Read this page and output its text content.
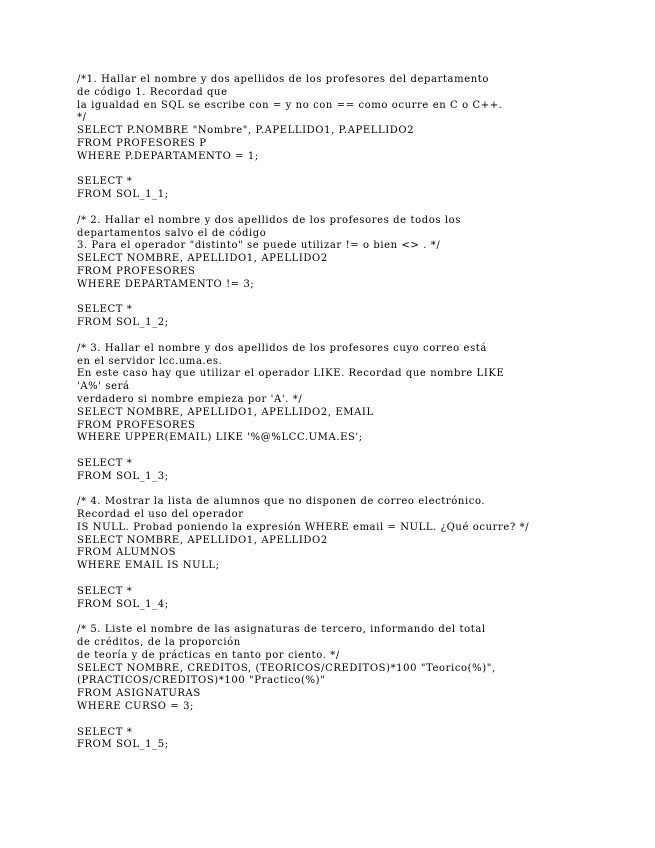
/*1. Hallar el nombre y dos apellidos de los profesores del departamento
de código 1. Recordad que
la igualdad en SQL se escribe con = y no con == como ocurre en C o C++.
*/
SELECT P.NOMBRE "Nombre", P.APELLIDO1, P.APELLIDO2
FROM PROFESORES P
WHERE P.DEPARTAMENTO = 1;
SELECT *
FROM SOL_1_1;
/* 2. Hallar el nombre y dos apellidos de los profesores de todos los
departamentos salvo el de código
3. Para el operador "distinto" se puede utilizar != o bien <> . */
SELECT NOMBRE, APELLIDO1, APELLIDO2
FROM PROFESORES
WHERE DEPARTAMENTO != 3;
SELECT *
FROM SOL_1_2;
/* 3. Hallar el nombre y dos apellidos de los profesores cuyo correo está
en el servidor lcc.uma.es.
En este caso hay que utilizar el operador LIKE. Recordad que nombre LIKE
'A%' será
verdadero si nombre empieza por 'A'. */
SELECT NOMBRE, APELLIDO1, APELLIDO2, EMAIL
FROM PROFESORES
WHERE UPPER(EMAIL) LIKE '%@%LCC.UMA.ES';
SELECT *
FROM SOL_1_3;
/* 4. Mostrar la lista de alumnos que no disponen de correo electrónico.
Recordad el uso del operador
IS NULL. Probad poniendo la expresión WHERE email = NULL. ¿Qué ocurre? */
SELECT NOMBRE, APELLIDO1, APELLIDO2
FROM ALUMNOS
WHERE EMAIL IS NULL;
SELECT *
FROM SOL_1_4;
/* 5. Liste el nombre de las asignaturas de tercero, informando del total
de créditos, de la proporción
de teoría y de prácticas en tanto por ciento. */
SELECT NOMBRE, CREDITOS, (TEORICOS/CREDITOS)*100 "Teorico(%)",
(PRACTICOS/CREDITOS)*100 "Practico(%)"
FROM ASIGNATURAS
WHERE CURSO = 3;
SELECT *
FROM SOL_1_5;
